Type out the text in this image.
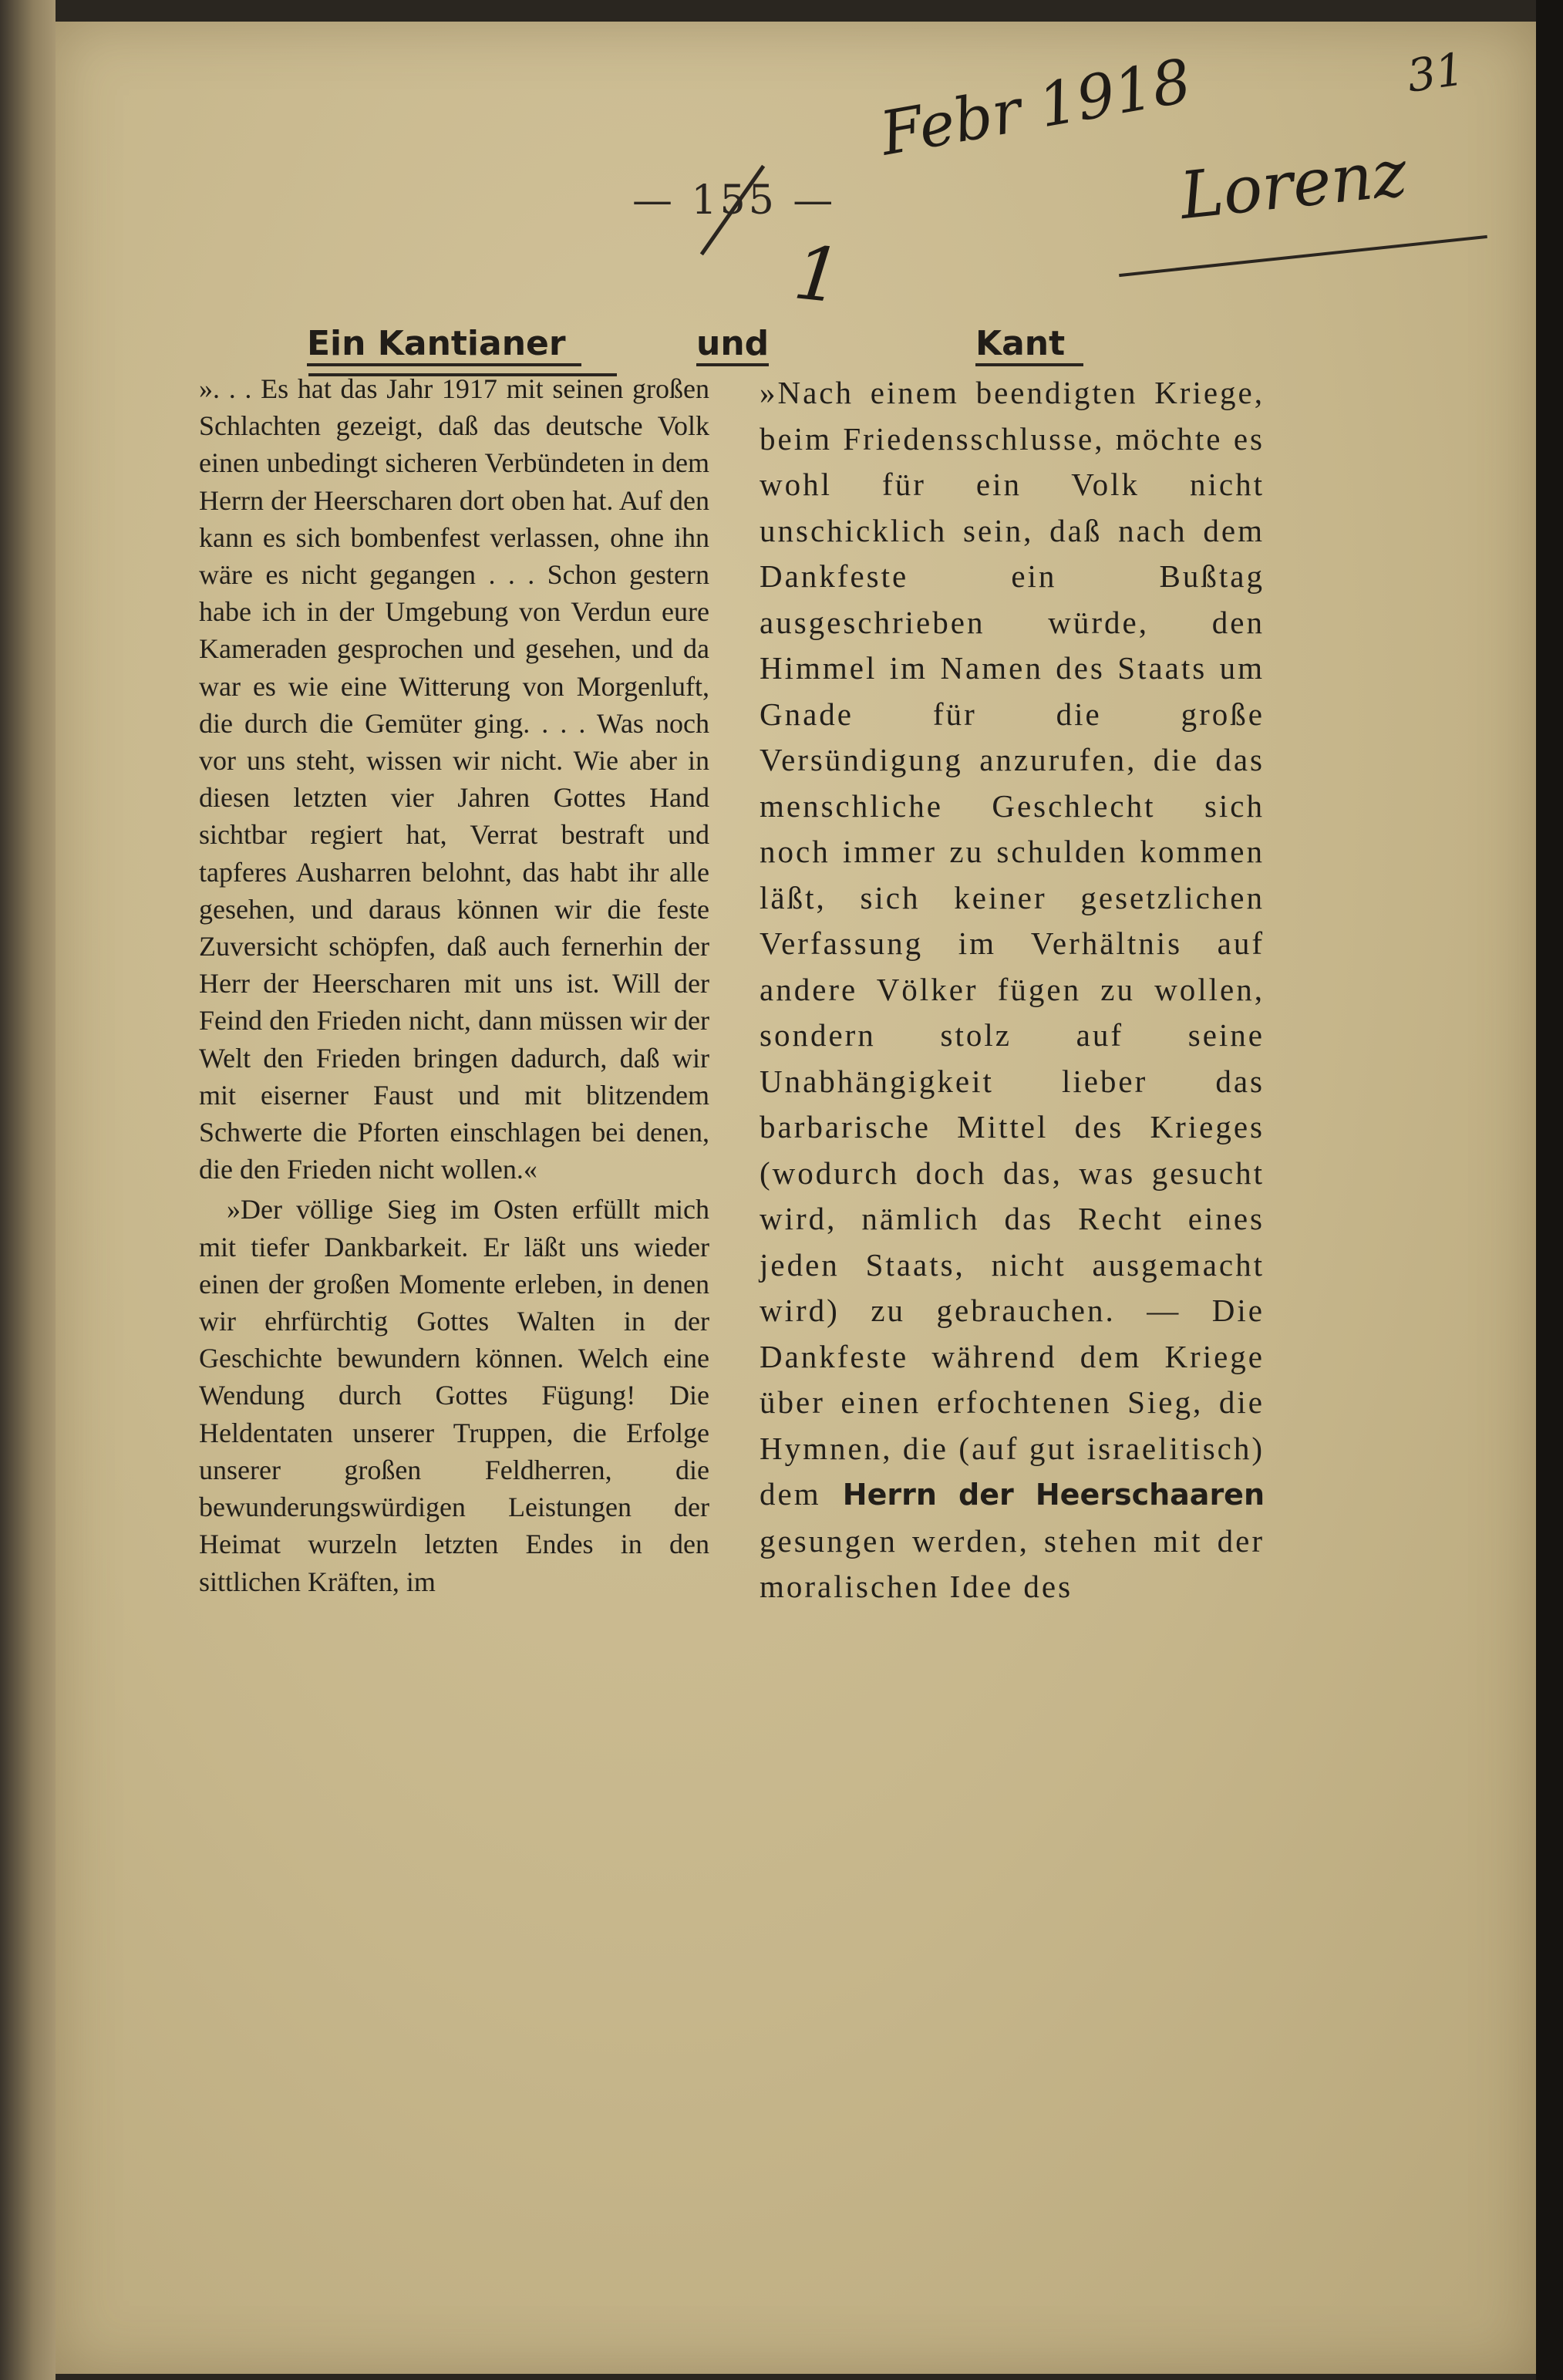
Febr 1918
Lorenz
31
1
— 155 —
Ein Kantianer	und	Kant

». . . Es hat das Jahr 1917 mit seinen großen Schlachten gezeigt, daß das deutsche Volk einen unbedingt sicheren Verbündeten in dem Herrn der Heerscharen dort oben hat. Auf den kann es sich bombenfest verlassen, ohne ihn wäre es nicht gegangen . . . Schon gestern habe ich in der Umgebung von Verdun eure Kameraden gesprochen und gesehen, und da war es wie eine Witterung von Morgenluft, die durch die Gemüter ging. . . . Was noch vor uns steht, wissen wir nicht. Wie aber in diesen letzten vier Jahren Gottes Hand sichtbar regiert hat, Verrat bestraft und tapferes Ausharren belohnt, das habt ihr alle gesehen, und daraus können wir die feste Zuversicht schöpfen, daß auch fernerhin der Herr der Heerscharen mit uns ist. Will der Feind den Frieden nicht, dann müssen wir der Welt den Frieden bringen dadurch, daß wir mit eiserner Faust und mit blitzendem Schwerte die Pforten einschlagen bei denen, die den Frieden nicht wollen.«

»Der völlige Sieg im Osten erfüllt mich mit tiefer Dankbarkeit. Er läßt uns wieder einen der großen Momente erleben, in denen wir ehrfürchtig Gottes Walten in der Geschichte bewundern können. Welch eine Wendung durch Gottes Fügung! Die Heldentaten unserer Truppen, die Erfolge unserer großen Feldherren, die bewunderungswürdigen Leistungen der Heimat wurzeln letzten Endes in den sittlichen Kräften, im

»Nach einem beendigten Kriege, beim Friedensschlusse, möchte es wohl für ein Volk nicht unschicklich sein, daß nach dem Dankfeste ein Bußtag ausgeschrieben würde, den Himmel im Namen des Staats um Gnade für die große Versündigung anzurufen, die das menschliche Geschlecht sich noch immer zu schulden kommen läßt, sich keiner gesetzlichen Verfassung im Verhältnis auf andere Völker fügen zu wollen, sondern stolz auf seine Unabhängigkeit lieber das barbarische Mittel des Krieges (wodurch doch das, was gesucht wird, nämlich das Recht eines jeden Staats, nicht ausgemacht wird) zu gebrauchen. — Die Dankfeste während dem Kriege über einen erfochtenen Sieg, die Hymnen, die (auf gut israelitisch) dem Herrn der Heerschaaren gesungen werden, stehen mit der moralischen Idee des
